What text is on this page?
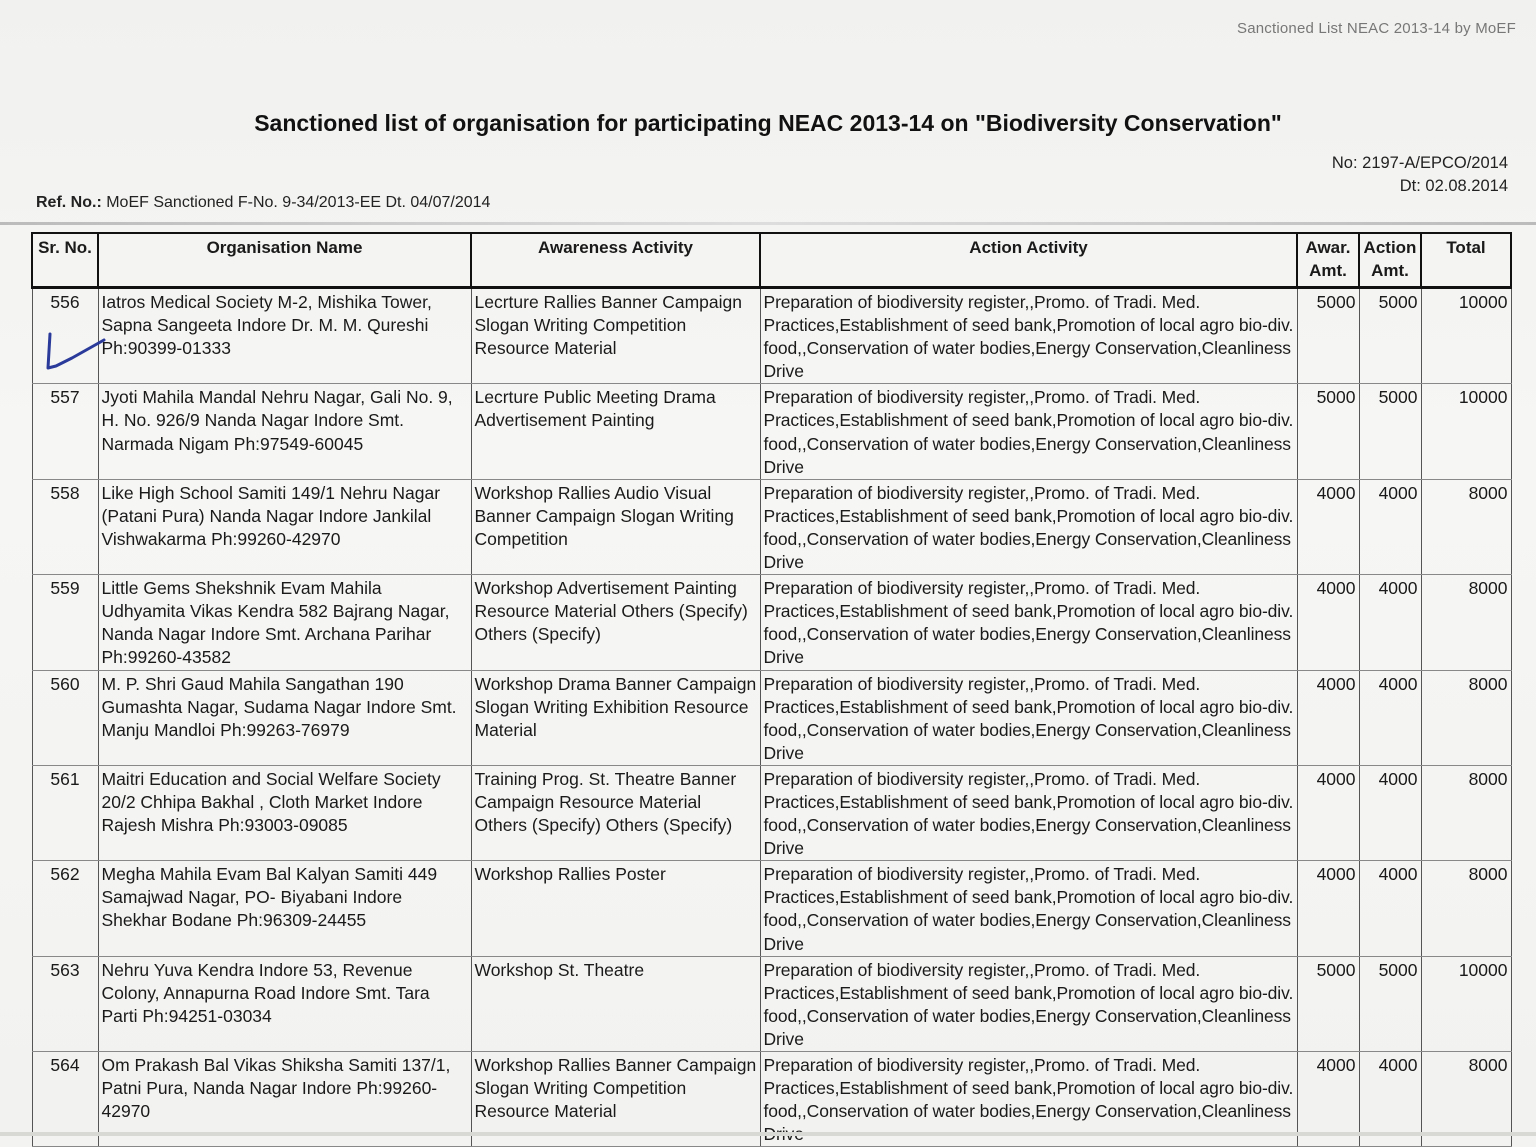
Sanctioned List NEAC 2013-14 by MoEF
Sanctioned list of organisation for participating NEAC 2013-14 on "Biodiversity Conservation"
No: 2197-A/EPCO/2014
Dt: 02.08.2014
Ref. No.: MoEF Sanctioned F-No. 9-34/2013-EE Dt. 04/07/2014
Sr. No.	Organisation Name	Awareness Activity	Action Activity	Awar. Amt.	Action Amt.	Total
556	Iatros Medical Society M-2, Mishika Tower, Sapna Sangeeta Indore Dr. M. M. Qureshi Ph:90399-01333	Lecrture Rallies Banner Campaign Slogan Writing Competition Resource Material	Preparation of biodiversity register,,Promo. of Tradi. Med. Practices,Establishment of seed bank,Promotion of local agro bio-div. food,,Conservation of water bodies,Energy Conservation,Cleanliness Drive	5000	5000	10000
557	Jyoti Mahila Mandal Nehru Nagar, Gali No. 9, H. No. 926/9 Nanda Nagar Indore Smt. Narmada Nigam Ph:97549-60045	Lecrture Public Meeting Drama Advertisement Painting	Preparation of biodiversity register,,Promo. of Tradi. Med. Practices,Establishment of seed bank,Promotion of local agro bio-div. food,,Conservation of water bodies,Energy Conservation,Cleanliness Drive	5000	5000	10000
558	Like High School Samiti 149/1 Nehru Nagar (Patani Pura) Nanda Nagar Indore Jankilal Vishwakarma Ph:99260-42970	Workshop Rallies Audio Visual Banner Campaign Slogan Writing Competition	Preparation of biodiversity register,,Promo. of Tradi. Med. Practices,Establishment of seed bank,Promotion of local agro bio-div. food,,Conservation of water bodies,Energy Conservation,Cleanliness Drive	4000	4000	8000
559	Little Gems Shekshnik Evam Mahila Udhyamita Vikas Kendra 582 Bajrang Nagar, Nanda Nagar Indore Smt. Archana Parihar Ph:99260-43582	Workshop Advertisement Painting Resource Material Others (Specify) Others (Specify)	Preparation of biodiversity register,,Promo. of Tradi. Med. Practices,Establishment of seed bank,Promotion of local agro bio-div. food,,Conservation of water bodies,Energy Conservation,Cleanliness Drive	4000	4000	8000
560	M. P. Shri Gaud Mahila Sangathan 190 Gumashta Nagar, Sudama Nagar Indore Smt. Manju Mandloi Ph:99263-76979	Workshop Drama Banner Campaign Slogan Writing Exhibition Resource Material	Preparation of biodiversity register,,Promo. of Tradi. Med. Practices,Establishment of seed bank,Promotion of local agro bio-div. food,,Conservation of water bodies,Energy Conservation,Cleanliness Drive	4000	4000	8000
561	Maitri Education and Social Welfare Society 20/2 Chhipa Bakhal , Cloth Market Indore Rajesh Mishra Ph:93003-09085	Training Prog. St. Theatre Banner Campaign Resource Material Others (Specify) Others (Specify)	Preparation of biodiversity register,,Promo. of Tradi. Med. Practices,Establishment of seed bank,Promotion of local agro bio-div. food,,Conservation of water bodies,Energy Conservation,Cleanliness Drive	4000	4000	8000
562	Megha Mahila Evam Bal Kalyan Samiti 449 Samajwad Nagar, PO- Biyabani Indore Shekhar Bodane Ph:96309-24455	Workshop Rallies Poster	Preparation of biodiversity register,,Promo. of Tradi. Med. Practices,Establishment of seed bank,Promotion of local agro bio-div. food,,Conservation of water bodies,Energy Conservation,Cleanliness Drive	4000	4000	8000
563	Nehru Yuva Kendra Indore 53, Revenue Colony, Annapurna Road Indore Smt. Tara Parti Ph:94251-03034	Workshop St. Theatre	Preparation of biodiversity register,,Promo. of Tradi. Med. Practices,Establishment of seed bank,Promotion of local agro bio-div. food,,Conservation of water bodies,Energy Conservation,Cleanliness Drive	5000	5000	10000
564	Om Prakash Bal Vikas Shiksha Samiti 137/1, Patni Pura, Nanda Nagar Indore Ph:99260-42970	Workshop Rallies Banner Campaign Slogan Writing Competition Resource Material	Preparation of biodiversity register,,Promo. of Tradi. Med. Practices,Establishment of seed bank,Promotion of local agro bio-div. food,,Conservation of water bodies,Energy Conservation,Cleanliness	4000	4000	8000
